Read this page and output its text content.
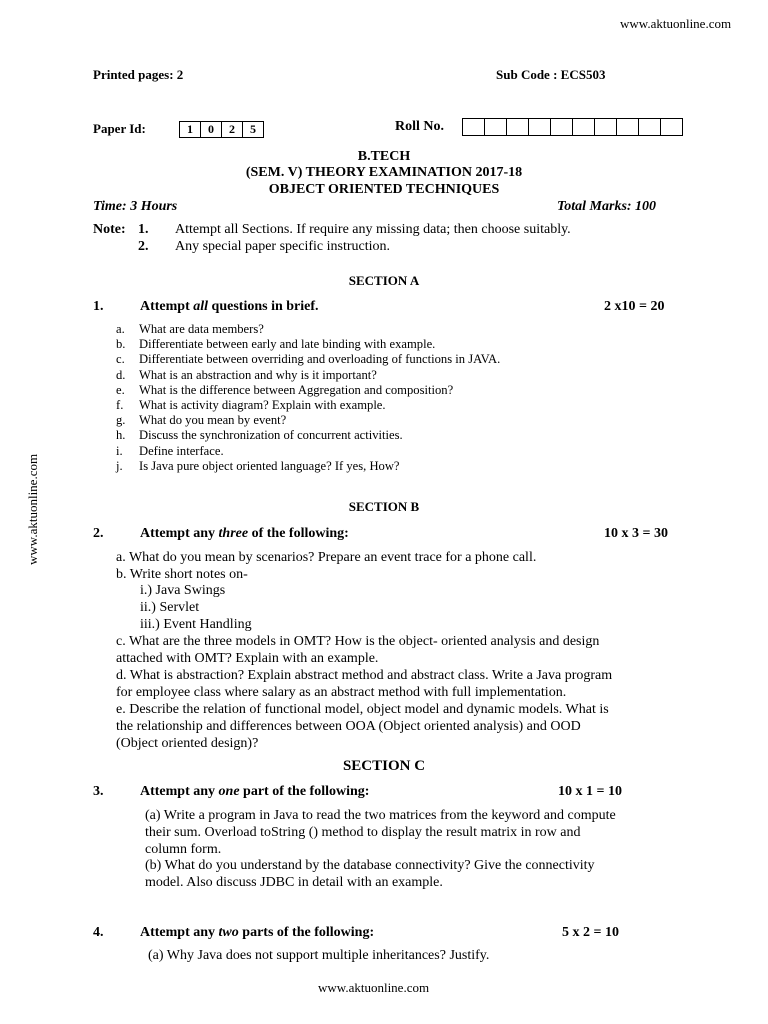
www.aktuonline.com
www.aktuonline.com
www.aktuonline.com
Printed pages: 2	Sub Code : ECS503
Paper Id:	1	0	2	5	Roll No.
B.TECH
(SEM. V) THEORY EXAMINATION 2017-18
OBJECT ORIENTED TECHNIQUES
Time: 3 Hours	Total Marks: 100
Note: 1. Attempt all Sections. If require any missing data; then choose suitably.
2. Any special paper specific instruction.
SECTION A
1.	Attempt all questions in brief.	2 x10 = 20
a.	What are data members?
b.	Differentiate between early and late binding with example.
c.	Differentiate between overriding and overloading of functions in JAVA.
d.	What is an abstraction and why is it important?
e.	What is the difference between Aggregation and composition?
f.	What is activity diagram? Explain with example.
g.	What do you mean by event?
h.	Discuss the synchronization of concurrent activities.
i.	Define interface.
j.	Is Java pure object oriented language? If yes, How?
SECTION B
2.	Attempt any three of the following:	10 x 3 = 30
a. What do you mean by scenarios? Prepare an event trace for a phone call.
b. Write short notes on-
i.) Java Swings
ii.) Servlet
iii.) Event Handling
c. What are the three models in OMT? How is the object- oriented analysis and design
attached with OMT? Explain with an example.
d. What is abstraction? Explain abstract method and abstract class. Write a Java program
for employee class where salary as an abstract method with full implementation.
e. Describe the relation of functional model, object model and dynamic models. What is
the relationship and differences between OOA (Object oriented analysis) and OOD
(Object oriented design)?
SECTION C
3.	Attempt any one part of the following:	10 x 1 = 10
(a) Write a program in Java to read the two matrices from the keyword and compute
their sum. Overload toString () method to display the result matrix in row and
column form.
(b) What do you understand by the database connectivity? Give the connectivity
model. Also discuss JDBC in detail with an example.
4.	Attempt any two parts of the following:	5 x 2 = 10
(a) Why Java does not support multiple inheritances? Justify.
